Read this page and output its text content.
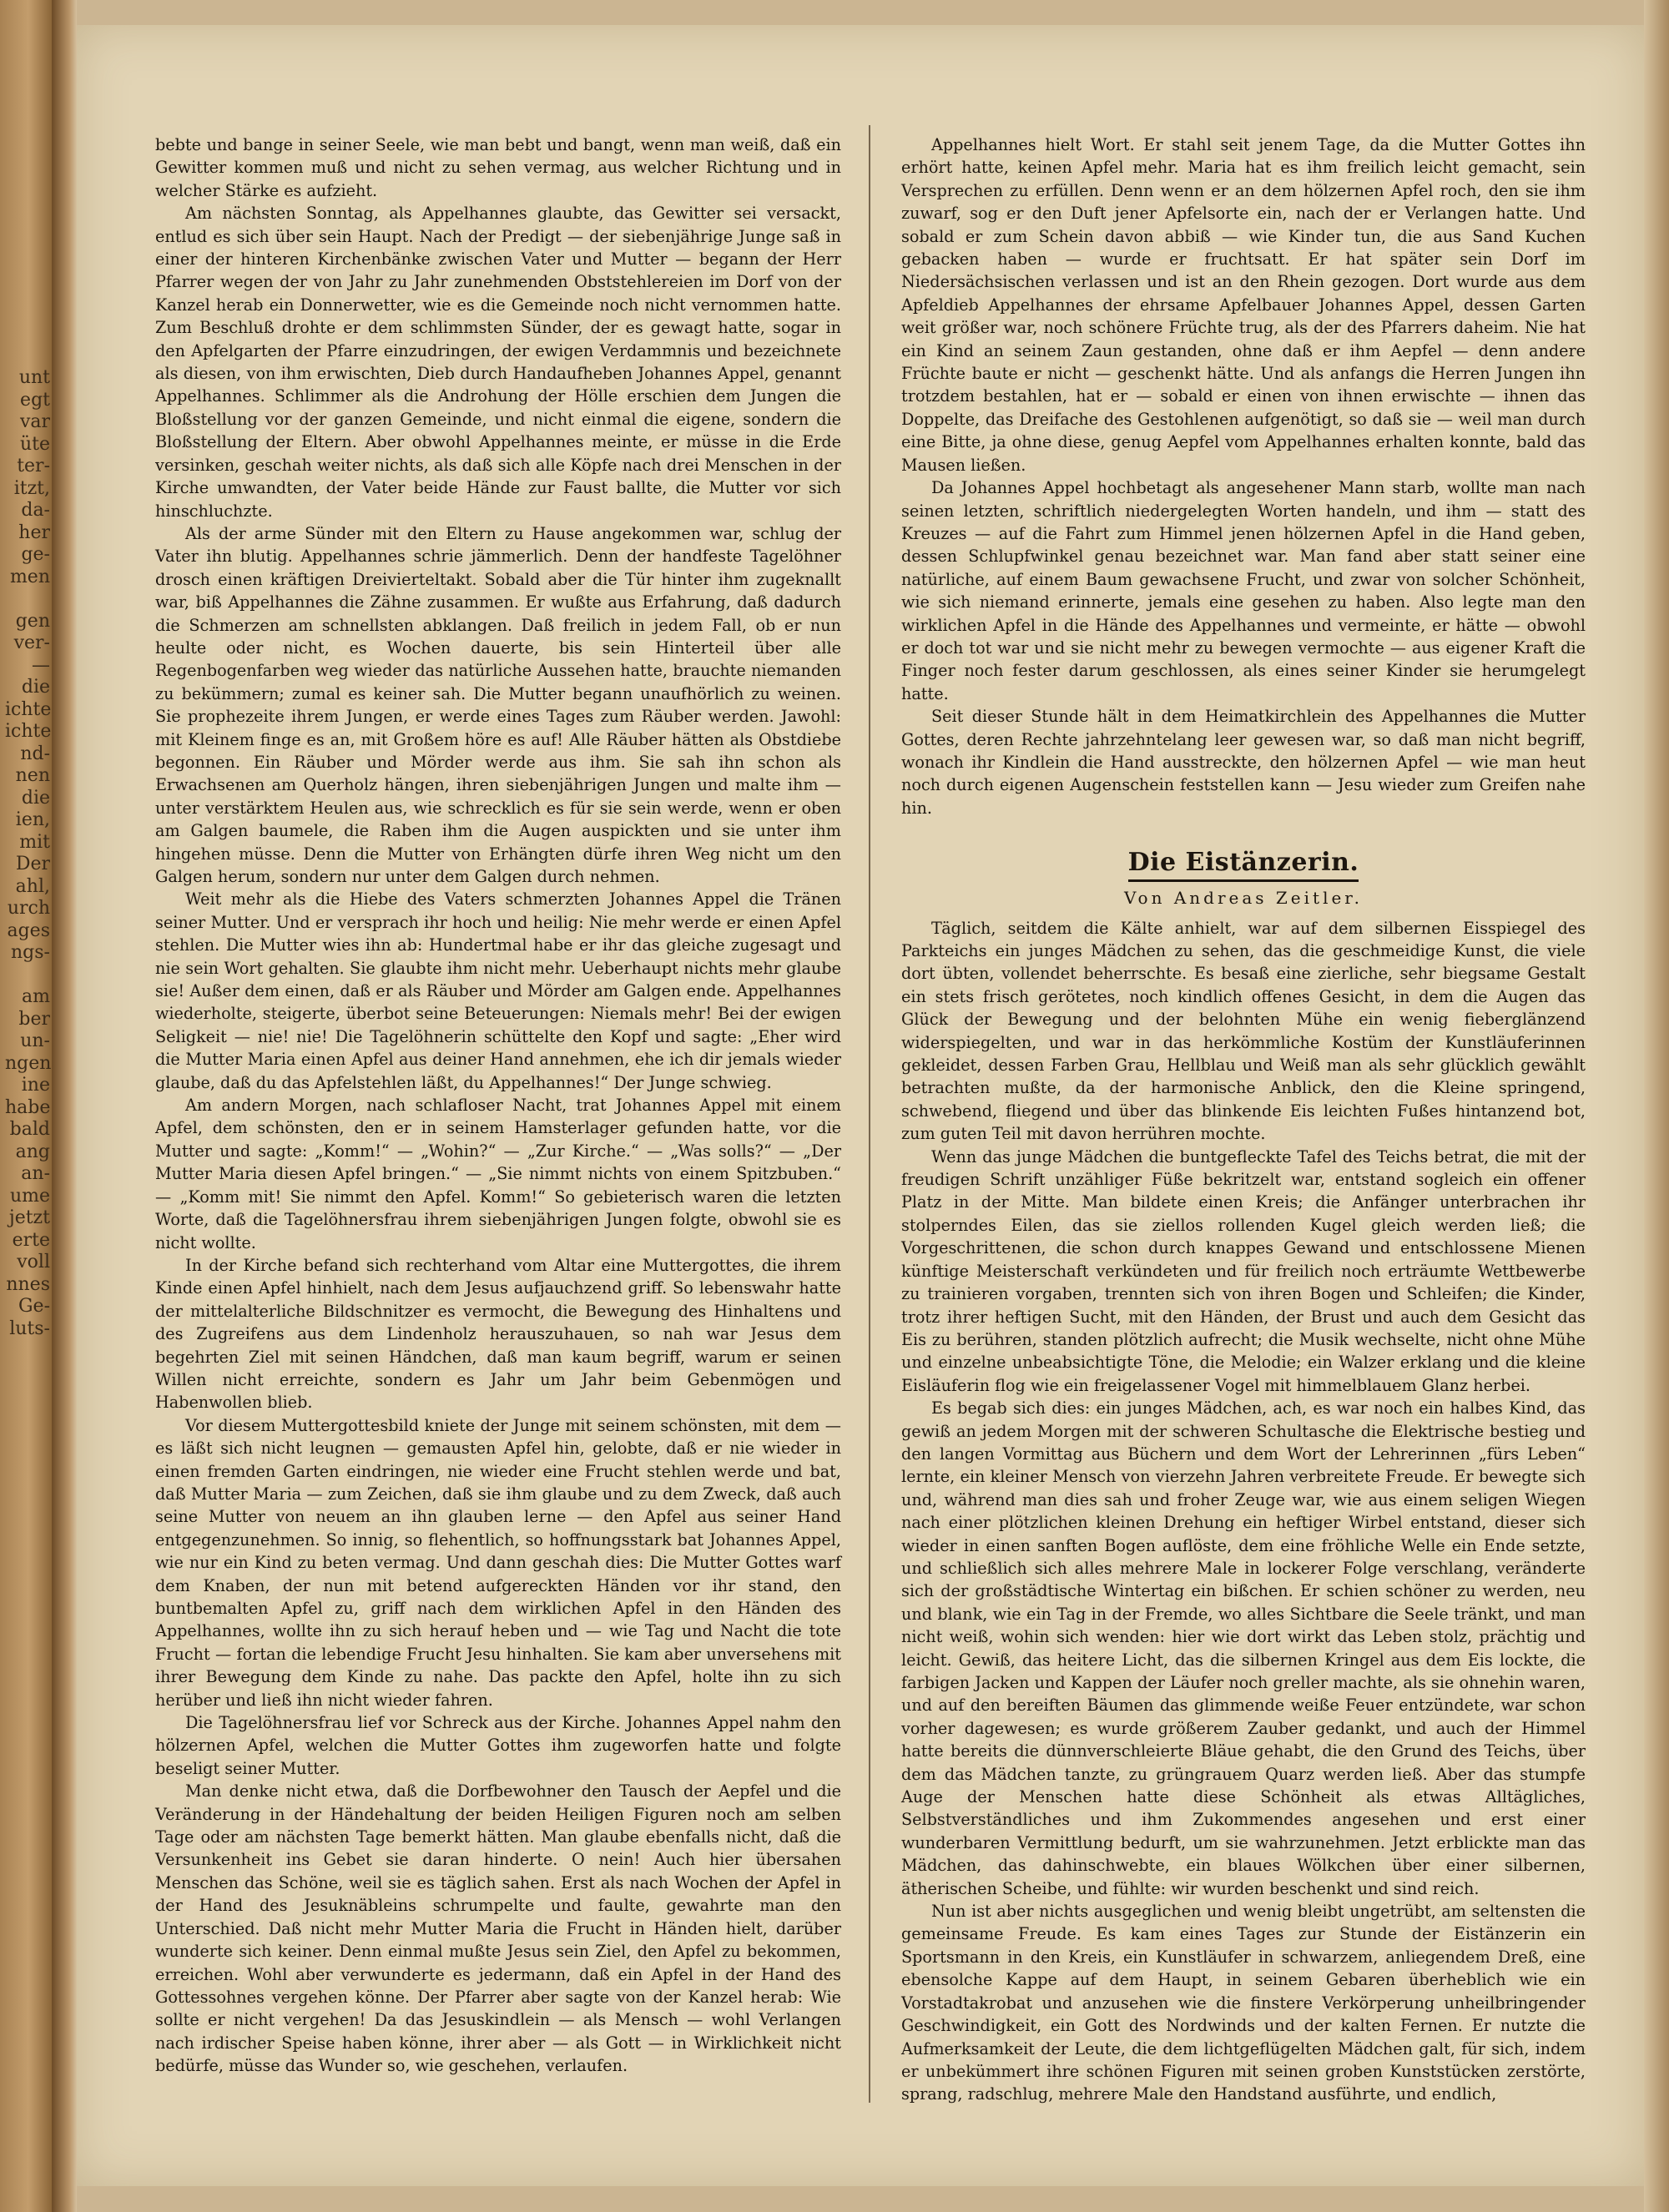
unt
egt
var
üte
ter-
itzt,
da-
her
ge-
men

gen
ver-
—
die
ichte
ichte
nd-
nen
die
ien,
mit
Der
ahl,
urch
ages
ngs-

am
ber
un-
ngen
ine
habe
bald
ang
an-
ume
jetzt
erte
voll
nnes
Ge-
luts-

bebte und bange in seiner Seele, wie man bebt und bangt, wenn man weiß, daß ein Gewitter kommen muß und nicht zu sehen vermag, aus welcher Richtung und in welcher Stärke es aufzieht.

Am nächsten Sonntag, als Appelhannes glaubte, das Gewitter sei versackt, entlud es sich über sein Haupt. Nach der Predigt — der siebenjährige Junge saß in einer der hinteren Kirchenbänke zwischen Vater und Mutter — begann der Herr Pfarrer wegen der von Jahr zu Jahr zunehmenden Obststehlereien im Dorf von der Kanzel herab ein Donnerwetter, wie es die Gemeinde noch nicht vernommen hatte. Zum Beschluß drohte er dem schlimmsten Sünder, der es gewagt hatte, sogar in den Apfelgarten der Pfarre einzudringen, der ewigen Verdammnis und bezeichnete als diesen, von ihm erwischten, Dieb durch Handaufheben Johannes Appel, genannt Appelhannes. Schlimmer als die Androhung der Hölle erschien dem Jungen die Bloßstellung vor der ganzen Gemeinde, und nicht einmal die eigene, sondern die Bloßstellung der Eltern. Aber obwohl Appelhannes meinte, er müsse in die Erde versinken, geschah weiter nichts, als daß sich alle Köpfe nach drei Menschen in der Kirche umwandten, der Vater beide Hände zur Faust ballte, die Mutter vor sich hinschluchzte.

Als der arme Sünder mit den Eltern zu Hause angekommen war, schlug der Vater ihn blutig. Appelhannes schrie jämmerlich. Denn der handfeste Tagelöhner drosch einen kräftigen Dreivierteltakt. Sobald aber die Tür hinter ihm zugeknallt war, biß Appelhannes die Zähne zusammen. Er wußte aus Erfahrung, daß dadurch die Schmerzen am schnellsten abklangen. Daß freilich in jedem Fall, ob er nun heulte oder nicht, es Wochen dauerte, bis sein Hinterteil über alle Regenbogenfarben weg wieder das natürliche Aussehen hatte, brauchte niemanden zu bekümmern; zumal es keiner sah. Die Mutter begann unaufhörlich zu weinen. Sie prophezeite ihrem Jungen, er werde eines Tages zum Räuber werden. Jawohl: mit Kleinem finge es an, mit Großem höre es auf! Alle Räuber hätten als Obstdiebe begonnen. Ein Räuber und Mörder werde aus ihm. Sie sah ihn schon als Erwachsenen am Querholz hängen, ihren siebenjährigen Jungen und malte ihm — unter verstärktem Heulen aus, wie schrecklich es für sie sein werde, wenn er oben am Galgen baumele, die Raben ihm die Augen auspickten und sie unter ihm hingehen müsse. Denn die Mutter von Erhängten dürfe ihren Weg nicht um den Galgen herum, sondern nur unter dem Galgen durch nehmen.

Weit mehr als die Hiebe des Vaters schmerzten Johannes Appel die Tränen seiner Mutter. Und er versprach ihr hoch und heilig: Nie mehr werde er einen Apfel stehlen. Die Mutter wies ihn ab: Hundertmal habe er ihr das gleiche zugesagt und nie sein Wort gehalten. Sie glaubte ihm nicht mehr. Ueberhaupt nichts mehr glaube sie! Außer dem einen, daß er als Räuber und Mörder am Galgen ende. Appelhannes wiederholte, steigerte, überbot seine Beteuerungen: Niemals mehr! Bei der ewigen Seligkeit — nie! nie! Die Tagelöhnerin schüttelte den Kopf und sagte: „Eher wird die Mutter Maria einen Apfel aus deiner Hand annehmen, ehe ich dir jemals wieder glaube, daß du das Apfelstehlen läßt, du Appelhannes!“ Der Junge schwieg.

Am andern Morgen, nach schlafloser Nacht, trat Johannes Appel mit einem Apfel, dem schönsten, den er in seinem Hamsterlager gefunden hatte, vor die Mutter und sagte: „Komm!“ — „Wohin?“ — „Zur Kirche.“ — „Was solls?“ — „Der Mutter Maria diesen Apfel bringen.“ — „Sie nimmt nichts von einem Spitzbuben.“ — „Komm mit! Sie nimmt den Apfel. Komm!“ So gebieterisch waren die letzten Worte, daß die Tagelöhnersfrau ihrem siebenjährigen Jungen folgte, obwohl sie es nicht wollte.

In der Kirche befand sich rechterhand vom Altar eine Muttergottes, die ihrem Kinde einen Apfel hinhielt, nach dem Jesus aufjauchzend griff. So lebenswahr hatte der mittelalterliche Bildschnitzer es vermocht, die Bewegung des Hinhaltens und des Zugreifens aus dem Lindenholz herauszuhauen, so nah war Jesus dem begehrten Ziel mit seinen Händchen, daß man kaum begriff, warum er seinen Willen nicht erreichte, sondern es Jahr um Jahr beim Gebenmögen und Habenwollen blieb.

Vor diesem Muttergottesbild kniete der Junge mit seinem schönsten, mit dem — es läßt sich nicht leugnen — gemausten Apfel hin, gelobte, daß er nie wieder in einen fremden Garten eindringen, nie wieder eine Frucht stehlen werde und bat, daß Mutter Maria — zum Zeichen, daß sie ihm glaube und zu dem Zweck, daß auch seine Mutter von neuem an ihn glauben lerne — den Apfel aus seiner Hand entgegenzunehmen. So innig, so flehentlich, so hoffnungsstark bat Johannes Appel, wie nur ein Kind zu beten vermag. Und dann geschah dies: Die Mutter Gottes warf dem Knaben, der nun mit betend aufgereckten Händen vor ihr stand, den buntbemalten Apfel zu, griff nach dem wirklichen Apfel in den Händen des Appelhannes, wollte ihn zu sich herauf heben und — wie Tag und Nacht die tote Frucht — fortan die lebendige Frucht Jesu hinhalten. Sie kam aber unversehens mit ihrer Bewegung dem Kinde zu nahe. Das packte den Apfel, holte ihn zu sich herüber und ließ ihn nicht wieder fahren.

Die Tagelöhnersfrau lief vor Schreck aus der Kirche. Johannes Appel nahm den hölzernen Apfel, welchen die Mutter Gottes ihm zugeworfen hatte und folgte beseligt seiner Mutter.

Man denke nicht etwa, daß die Dorfbewohner den Tausch der Aepfel und die Veränderung in der Händehaltung der beiden Heiligen Figuren noch am selben Tage oder am nächsten Tage bemerkt hätten. Man glaube ebenfalls nicht, daß die Versunkenheit ins Gebet sie daran hinderte. O nein! Auch hier übersahen Menschen das Schöne, weil sie es täglich sahen. Erst als nach Wochen der Apfel in der Hand des Jesuknäbleins schrumpelte und faulte, gewahrte man den Unterschied. Daß nicht mehr Mutter Maria die Frucht in Händen hielt, darüber wunderte sich keiner. Denn einmal mußte Jesus sein Ziel, den Apfel zu bekommen, erreichen. Wohl aber verwunderte es jedermann, daß ein Apfel in der Hand des Gottessohnes vergehen könne. Der Pfarrer aber sagte von der Kanzel herab: Wie sollte er nicht vergehen! Da das Jesuskindlein — als Mensch — wohl Verlangen nach irdischer Speise haben könne, ihrer aber — als Gott — in Wirklichkeit nicht bedürfe, müsse das Wunder so, wie geschehen, verlaufen.

Appelhannes hielt Wort. Er stahl seit jenem Tage, da die Mutter Gottes ihn erhört hatte, keinen Apfel mehr. Maria hat es ihm freilich leicht gemacht, sein Versprechen zu erfüllen. Denn wenn er an dem hölzernen Apfel roch, den sie ihm zuwarf, sog er den Duft jener Apfelsorte ein, nach der er Verlangen hatte. Und sobald er zum Schein davon abbiß — wie Kinder tun, die aus Sand Kuchen gebacken haben — wurde er fruchtsatt. Er hat später sein Dorf im Niedersächsischen verlassen und ist an den Rhein gezogen. Dort wurde aus dem Apfeldieb Appelhannes der ehrsame Apfelbauer Johannes Appel, dessen Garten weit größer war, noch schönere Früchte trug, als der des Pfarrers daheim. Nie hat ein Kind an seinem Zaun gestanden, ohne daß er ihm Aepfel — denn andere Früchte baute er nicht — geschenkt hätte. Und als anfangs die Herren Jungen ihn trotzdem bestahlen, hat er — sobald er einen von ihnen erwischte — ihnen das Doppelte, das Dreifache des Gestohlenen aufgenötigt, so daß sie — weil man durch eine Bitte, ja ohne diese, genug Aepfel vom Appelhannes erhalten konnte, bald das Mausen ließen.

Da Johannes Appel hochbetagt als angesehener Mann starb, wollte man nach seinen letzten, schriftlich niedergelegten Worten handeln, und ihm — statt des Kreuzes — auf die Fahrt zum Himmel jenen hölzernen Apfel in die Hand geben, dessen Schlupfwinkel genau bezeichnet war. Man fand aber statt seiner eine natürliche, auf einem Baum gewachsene Frucht, und zwar von solcher Schönheit, wie sich niemand erinnerte, jemals eine gesehen zu haben. Also legte man den wirklichen Apfel in die Hände des Appelhannes und vermeinte, er hätte — obwohl er doch tot war und sie nicht mehr zu bewegen vermochte — aus eigener Kraft die Finger noch fester darum geschlossen, als eines seiner Kinder sie herumgelegt hatte.

Seit dieser Stunde hält in dem Heimatkirchlein des Appelhannes die Mutter Gottes, deren Rechte jahrzehntelang leer gewesen war, so daß man nicht begriff, wonach ihr Kindlein die Hand ausstreckte, den hölzernen Apfel — wie man heut noch durch eigenen Augenschein feststellen kann — Jesu wieder zum Greifen nahe hin.

Die Eistänzerin.
Von Andreas Zeitler.

Täglich, seitdem die Kälte anhielt, war auf dem silbernen Eisspiegel des Parkteichs ein junges Mädchen zu sehen, das die geschmeidige Kunst, die viele dort übten, vollendet beherrschte. Es besaß eine zierliche, sehr biegsame Gestalt ein stets frisch gerötetes, noch kindlich offenes Gesicht, in dem die Augen das Glück der Bewegung und der belohnten Mühe ein wenig fieberglänzend widerspiegelten, und war in das herkömmliche Kostüm der Kunstläuferinnen gekleidet, dessen Farben Grau, Hellblau und Weiß man als sehr glücklich gewählt betrachten mußte, da der harmonische Anblick, den die Kleine springend, schwebend, fliegend und über das blinkende Eis leichten Fußes hintanzend bot, zum guten Teil mit davon herrühren mochte.

Wenn das junge Mädchen die buntgefleckte Tafel des Teichs betrat, die mit der freudigen Schrift unzähliger Füße bekritzelt war, entstand sogleich ein offener Platz in der Mitte. Man bildete einen Kreis; die Anfänger unterbrachen ihr stolperndes Eilen, das sie ziellos rollenden Kugel gleich werden ließ; die Vorgeschrittenen, die schon durch knappes Gewand und entschlossene Mienen künftige Meisterschaft verkündeten und für freilich noch erträumte Wettbewerbe zu trainieren vorgaben, trennten sich von ihren Bogen und Schleifen; die Kinder, trotz ihrer heftigen Sucht, mit den Händen, der Brust und auch dem Gesicht das Eis zu berühren, standen plötzlich aufrecht; die Musik wechselte, nicht ohne Mühe und einzelne unbeabsichtigte Töne, die Melodie; ein Walzer erklang und die kleine Eisläuferin flog wie ein freigelassener Vogel mit himmelblauem Glanz herbei.

Es begab sich dies: ein junges Mädchen, ach, es war noch ein halbes Kind, das gewiß an jedem Morgen mit der schweren Schultasche die Elektrische bestieg und den langen Vormittag aus Büchern und dem Wort der Lehrerinnen „fürs Leben“ lernte, ein kleiner Mensch von vierzehn Jahren verbreitete Freude. Er bewegte sich und, während man dies sah und froher Zeuge war, wie aus einem seligen Wiegen nach einer plötzlichen kleinen Drehung ein heftiger Wirbel entstand, dieser sich wieder in einen sanften Bogen auflöste, dem eine fröhliche Welle ein Ende setzte, und schließlich sich alles mehrere Male in lockerer Folge verschlang, veränderte sich der großstädtische Wintertag ein bißchen. Er schien schöner zu werden, neu und blank, wie ein Tag in der Fremde, wo alles Sichtbare die Seele tränkt, und man nicht weiß, wohin sich wenden: hier wie dort wirkt das Leben stolz, prächtig und leicht. Gewiß, das heitere Licht, das die silbernen Kringel aus dem Eis lockte, die farbigen Jacken und Kappen der Läufer noch greller machte, als sie ohnehin waren, und auf den bereiften Bäumen das glimmende weiße Feuer entzündete, war schon vorher dagewesen; es wurde größerem Zauber gedankt, und auch der Himmel hatte bereits die dünnverschleierte Bläue gehabt, die den Grund des Teichs, über dem das Mädchen tanzte, zu grüngrauem Quarz werden ließ. Aber das stumpfe Auge der Menschen hatte diese Schönheit als etwas Alltägliches, Selbstverständliches und ihm Zukommendes angesehen und erst einer wunderbaren Vermittlung bedurft, um sie wahrzunehmen. Jetzt erblickte man das Mädchen, das dahinschwebte, ein blaues Wölkchen über einer silbernen, ätherischen Scheibe, und fühlte: wir wurden beschenkt und sind reich.

Nun ist aber nichts ausgeglichen und wenig bleibt ungetrübt, am seltensten die gemeinsame Freude. Es kam eines Tages zur Stunde der Eistänzerin ein Sportsmann in den Kreis, ein Kunstläufer in schwarzem, anliegendem Dreß, eine ebensolche Kappe auf dem Haupt, in seinem Gebaren überheblich wie ein Vorstadtakrobat und anzusehen wie die finstere Verkörperung unheilbringender Geschwindigkeit, ein Gott des Nordwinds und der kalten Fernen. Er nutzte die Aufmerksamkeit der Leute, die dem lichtgeflügelten Mädchen galt, für sich, indem er unbekümmert ihre schönen Figuren mit seinen groben Kunststücken zerstörte, sprang, radschlug, mehrere Male den Handstand ausführte, und endlich,
